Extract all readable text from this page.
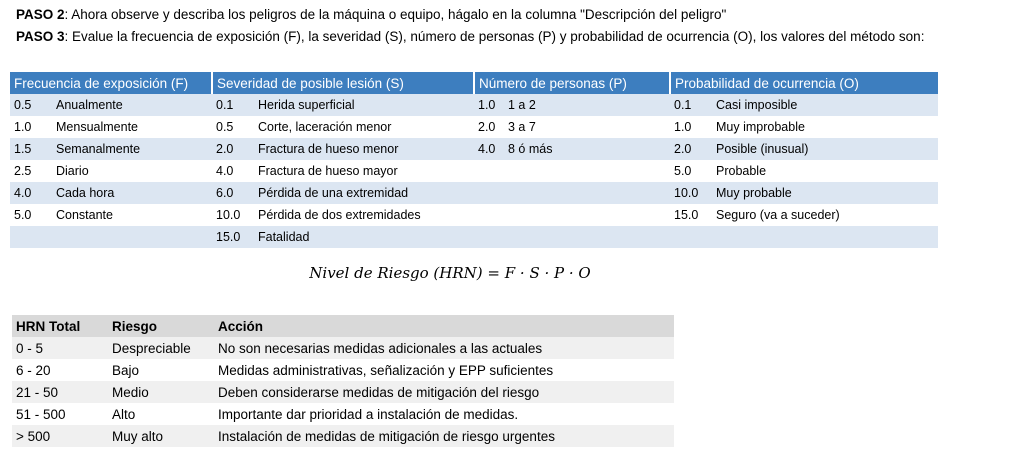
PASO 2: Ahora observe y describa los peligros de la máquina o equipo, hágalo en la columna "Descripción del peligro"
PASO 3: Evalue la frecuencia de exposición (F), la severidad (S), número de personas (P) y probabilidad de ocurrencia (O), los valores del método son:
Frecuencia de exposición (F)	Severidad de posible lesión (S)	Número de personas (P)	Probabilidad de ocurrencia (O)

0.5 Anualmente	0.1 Herida superficial	1.0 1 a 2	0.1 Casi imposible

1.0 Mensualmente	0.5 Corte, laceración menor	2.0 3 a 7	1.0 Muy improbable

1.5 Semanalmente	2.0 Fractura de hueso menor	4.0 8 ó más	2.0 Posible (inusual)

2.5 Diario	4.0 Fractura de hueso mayor		5.0 Probable

4.0 Cada hora	6.0 Pérdida de una extremidad		10.0 Muy probable

5.0 Constante	10.0 Pérdida de dos extremidades		15.0 Seguro (va a suceder)

	15.0 Fatalidad		

Nivel de Riesgo (HRN) = F · S · P · O
HRN Total	Riesgo	Acción
0 - 5	Despreciable	No son necesarias medidas adicionales a las actuales
6 - 20	Bajo	Medidas administrativas, señalización y EPP suficientes
21 - 50	Medio	Deben considerarse medidas de mitigación del riesgo
51 - 500	Alto	Importante dar prioridad a instalación de medidas.
> 500	Muy alto	Instalación de medidas de mitigación de riesgo urgentes
